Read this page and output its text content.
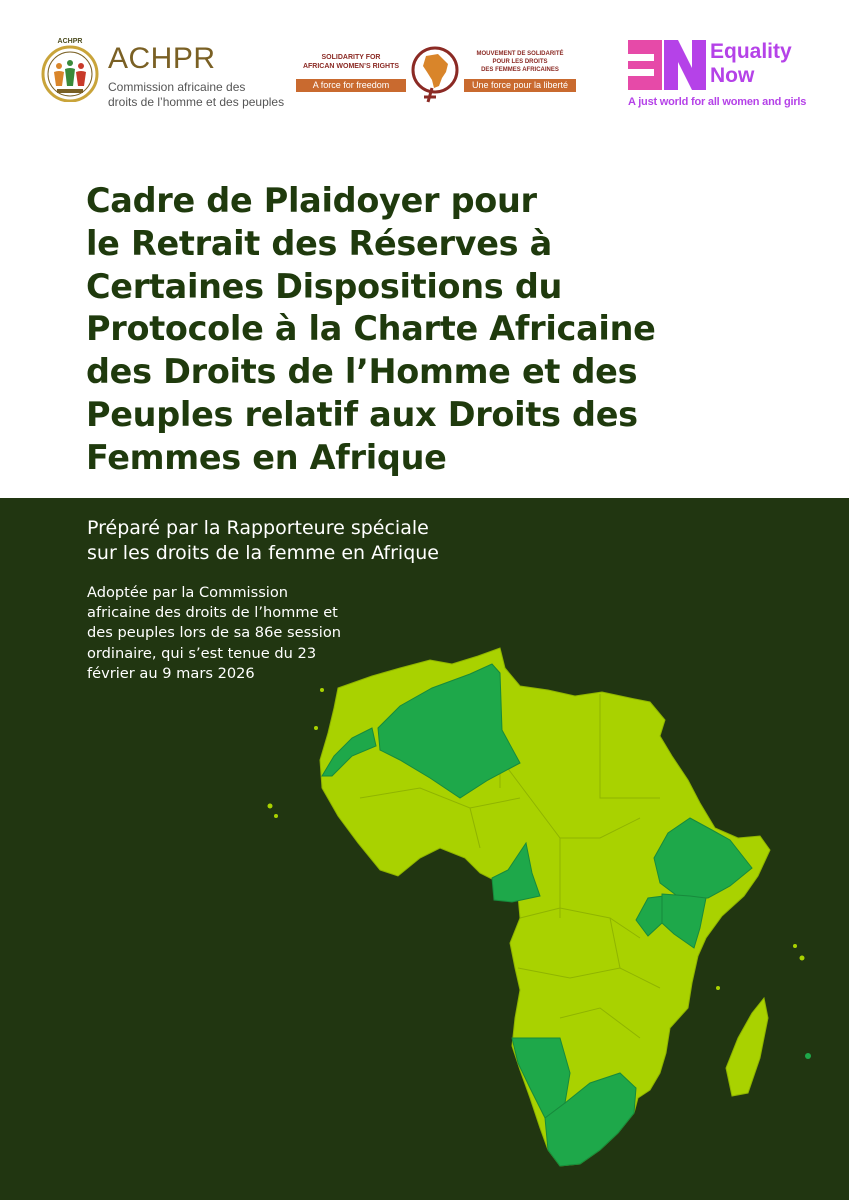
ACHPR
ACHPR
Commission africaine des
droits de l’homme et des peuples
SOLIDARITY FOR
AFRICAN WOMEN’S RIGHTS
A force for freedom
MOUVEMENT DE SOLIDARITÉ
POUR LES DROITS
DES FEMMES AFRICAINES
Une force pour la liberté
Equality
Now
A just world for all women and girls
Cadre de Plaidoyer pour
le Retrait des Réserves à
Certaines Dispositions du
Protocole à la Charte Africaine
des Droits de l’Homme et des
Peuples relatif aux Droits des
Femmes en Afrique
Préparé par la Rapporteure spéciale
sur les droits de la femme en Afrique
Adoptée par la Commission
africaine des droits de l’homme et
des peuples lors de sa 86e session
ordinaire, qui s’est tenue du 23
février au 9 mars 2026
